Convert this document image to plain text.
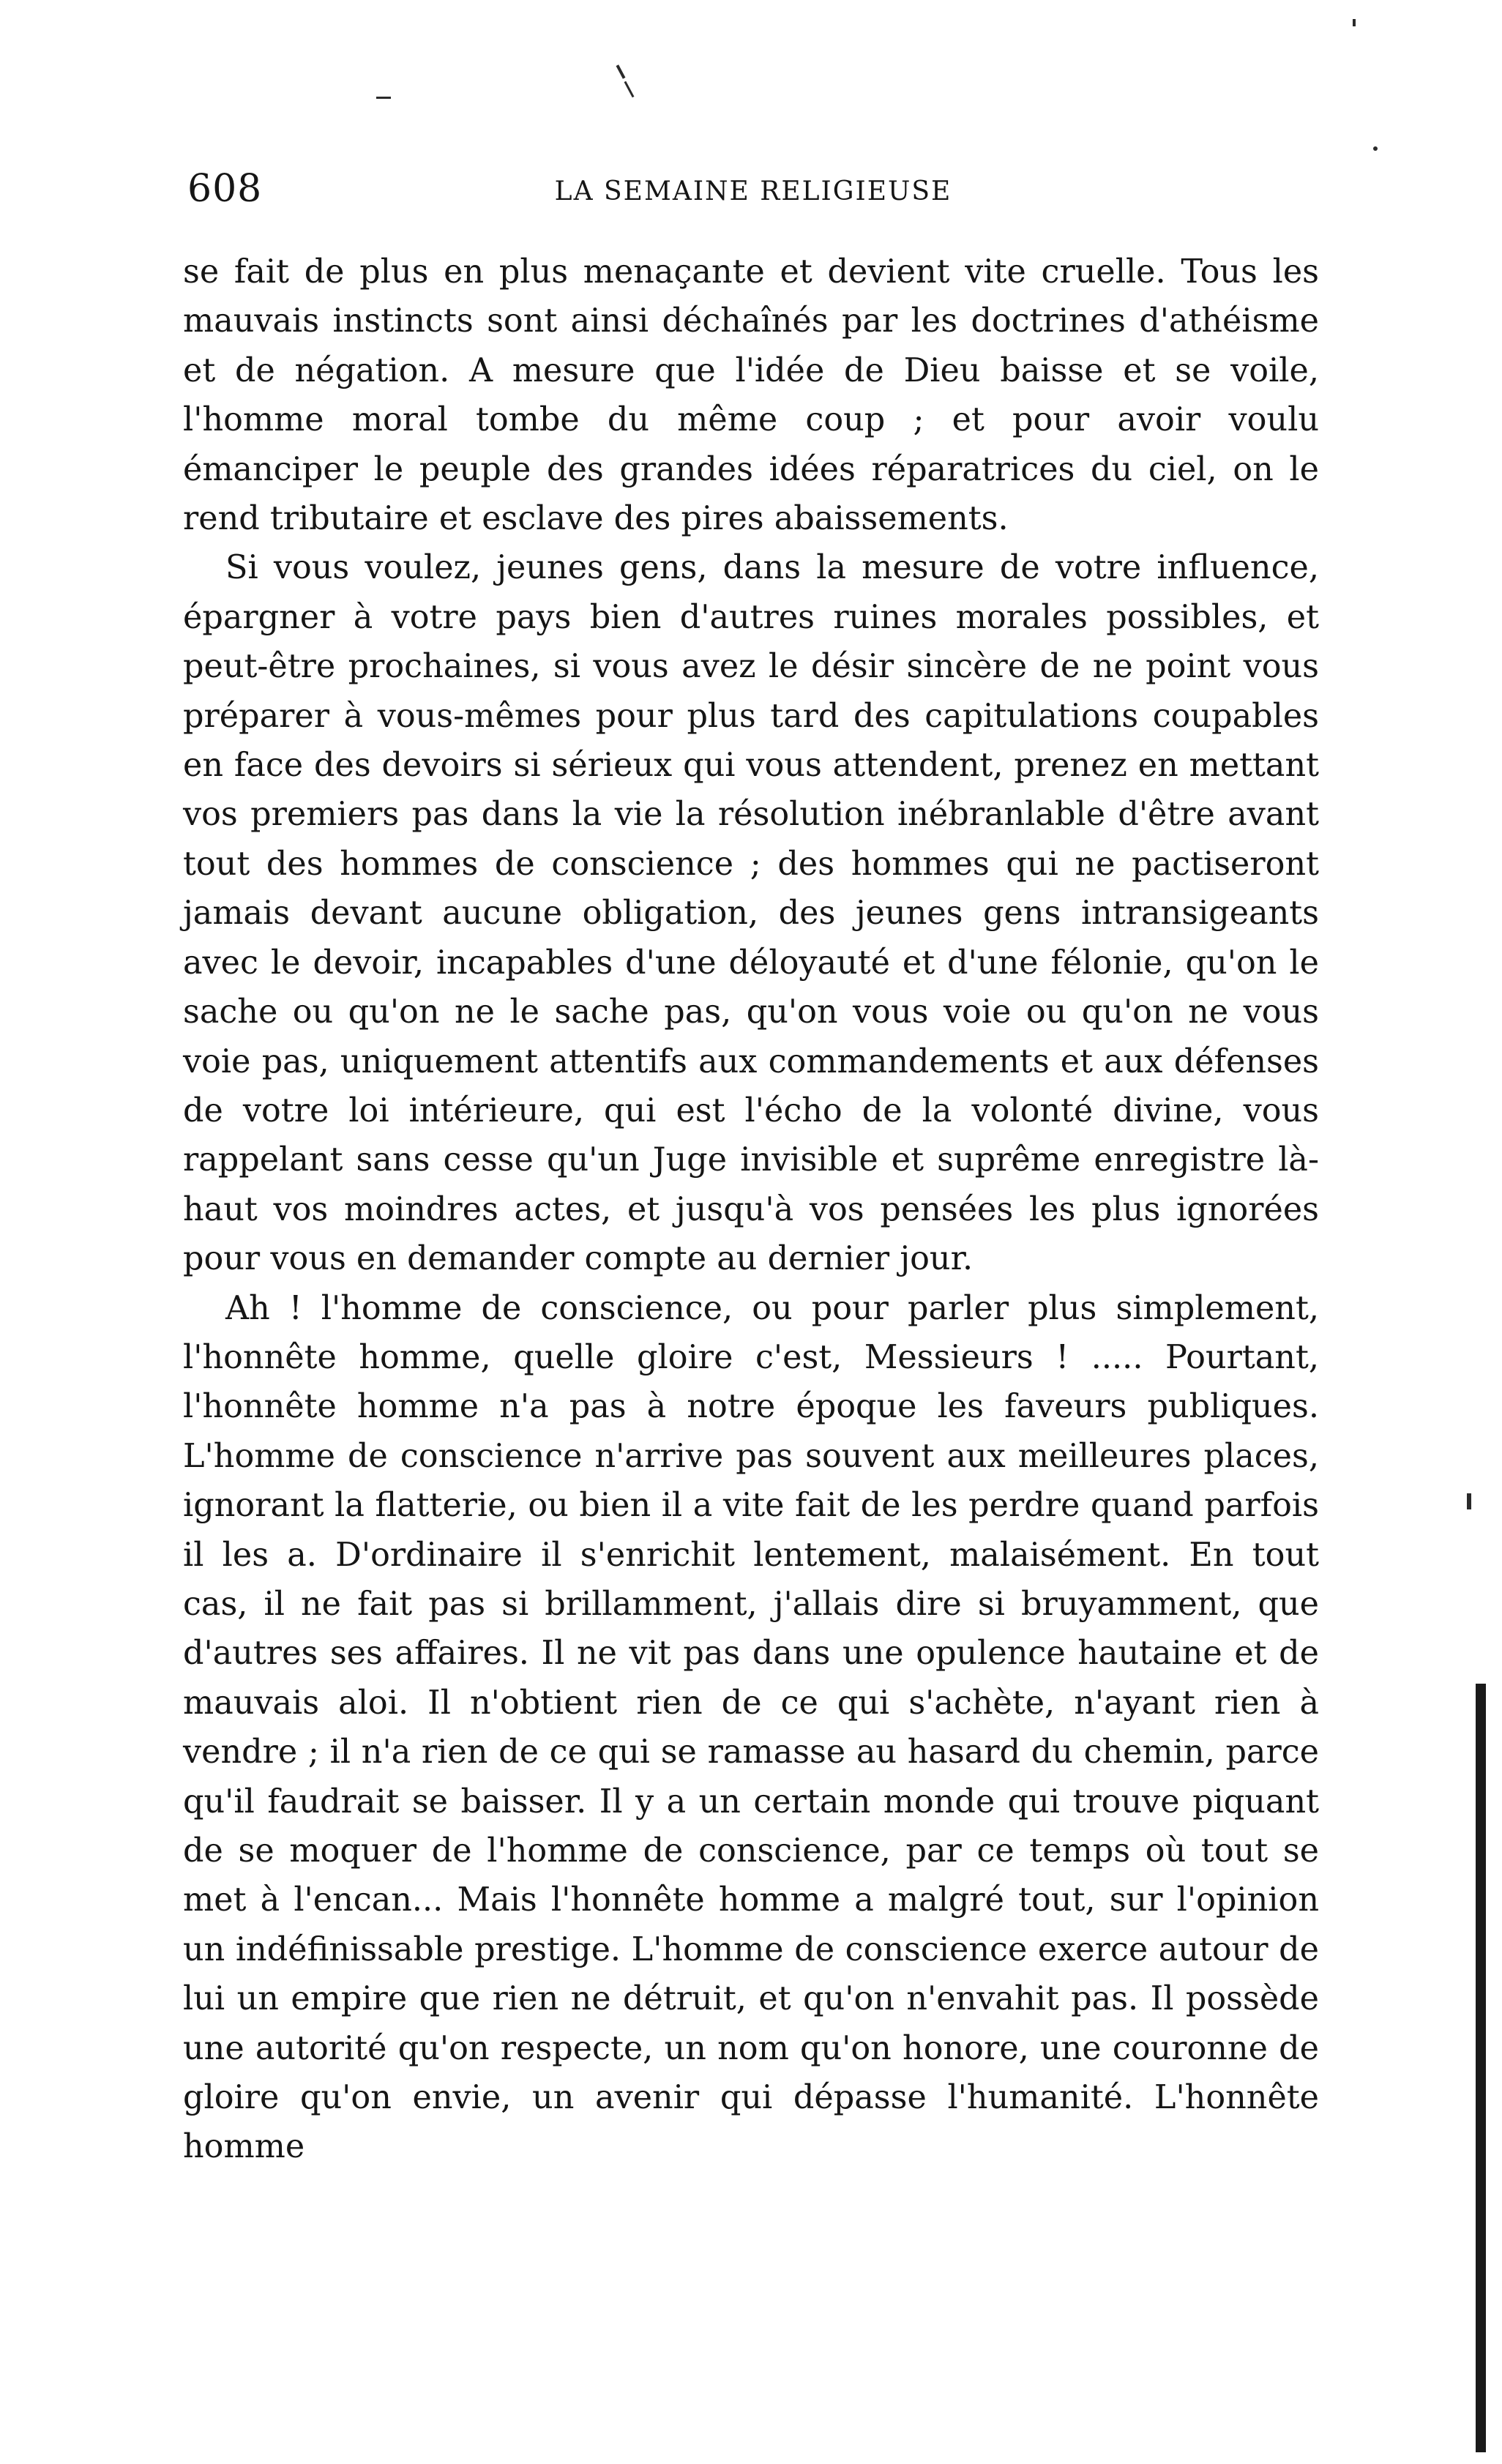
608	LA SEMAINE RELIGIEUSE

se fait de plus en plus menaçante et devient vite cruelle. Tous les mauvais instincts sont ainsi déchaînés par les doctrines d'athéisme et de négation. A mesure que l'idée de Dieu baisse et se voile, l'homme moral tombe du même coup ; et pour avoir voulu émanciper le peuple des grandes idées réparatrices du ciel, on le rend tributaire et esclave des pires abaissements.

Si vous voulez, jeunes gens, dans la mesure de votre influence, épargner à votre pays bien d'autres ruines morales possibles, et peut-être prochaines, si vous avez le désir sincère de ne point vous préparer à vous-mêmes pour plus tard des capitulations coupables en face des devoirs si sérieux qui vous attendent, prenez en mettant vos premiers pas dans la vie la résolution inébranlable d'être avant tout des hommes de conscience ; des hommes qui ne pactiseront jamais devant aucune obligation, des jeunes gens intransigeants avec le devoir, incapables d'une déloyauté et d'une félonie, qu'on le sache ou qu'on ne le sache pas, qu'on vous voie ou qu'on ne vous voie pas, uniquement attentifs aux commandements et aux défenses de votre loi intérieure, qui est l'écho de la volonté divine, vous rappelant sans cesse qu'un Juge invisible et suprême enregistre là-haut vos moindres actes, et jusqu'à vos pensées les plus ignorées pour vous en demander compte au dernier jour.

Ah ! l'homme de conscience, ou pour parler plus simplement, l'honnête homme, quelle gloire c'est, Messieurs ! ..... Pourtant, l'honnête homme n'a pas à notre époque les faveurs publiques. L'homme de conscience n'arrive pas souvent aux meilleures places, ignorant la flatterie, ou bien il a vite fait de les perdre quand parfois il les a. D'ordinaire il s'enrichit lentement, malaisément. En tout cas, il ne fait pas si brillamment, j'allais dire si bruyamment, que d'autres ses affaires. Il ne vit pas dans une opulence hautaine et de mauvais aloi. Il n'obtient rien de ce qui s'achète, n'ayant rien à vendre ; il n'a rien de ce qui se ramasse au hasard du chemin, parce qu'il faudrait se baisser. Il y a un certain monde qui trouve piquant de se moquer de l'homme de conscience, par ce temps où tout se met à l'encan... Mais l'honnête homme a malgré tout, sur l'opinion un indéfinissable prestige. L'homme de conscience exerce autour de lui un empire que rien ne détruit, et qu'on n'envahit pas. Il possède une autorité qu'on respecte, un nom qu'on honore, une couronne de gloire qu'on envie, un avenir qui dépasse l'humanité. L'honnête homme
